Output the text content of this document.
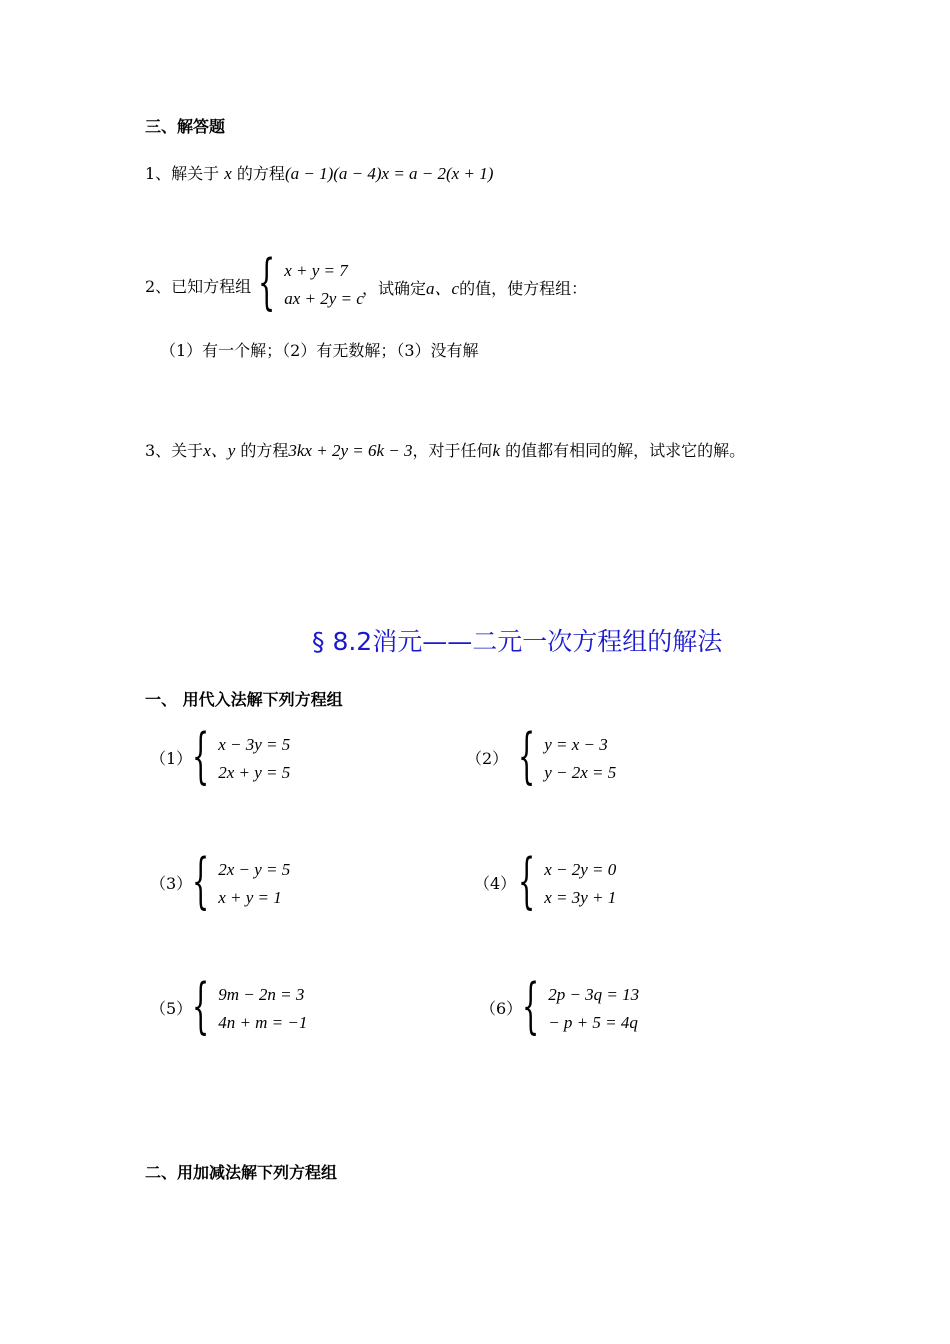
三、解答题
1、解关于 x 的方程(a − 1)(a − 4)x = a − 2(x + 1)
2、已知方程组 { x + y = 7
ax + 2y = c
，试确定a、c的值，使方程组：
（1）有一个解；（2）有无数解；（3）没有解
3、关于x、y 的方程3kx + 2y = 6k − 3，对于任何k 的值都有相同的解，试求它的解。
§ 8.2消元——二元一次方程组的解法
一、 用代入法解下列方程组
（1） { x − 3y = 5
2x + y = 5
（2） { y = x − 3
y − 2x = 5
（3） { 2x − y = 5
x + y = 1
（4） { x − 2y = 0
x = 3y + 1
（5） { 9m − 2n = 3
4n + m = −1
（6） { 2p − 3q = 13
− p + 5 = 4q
二、用加减法解下列方程组
